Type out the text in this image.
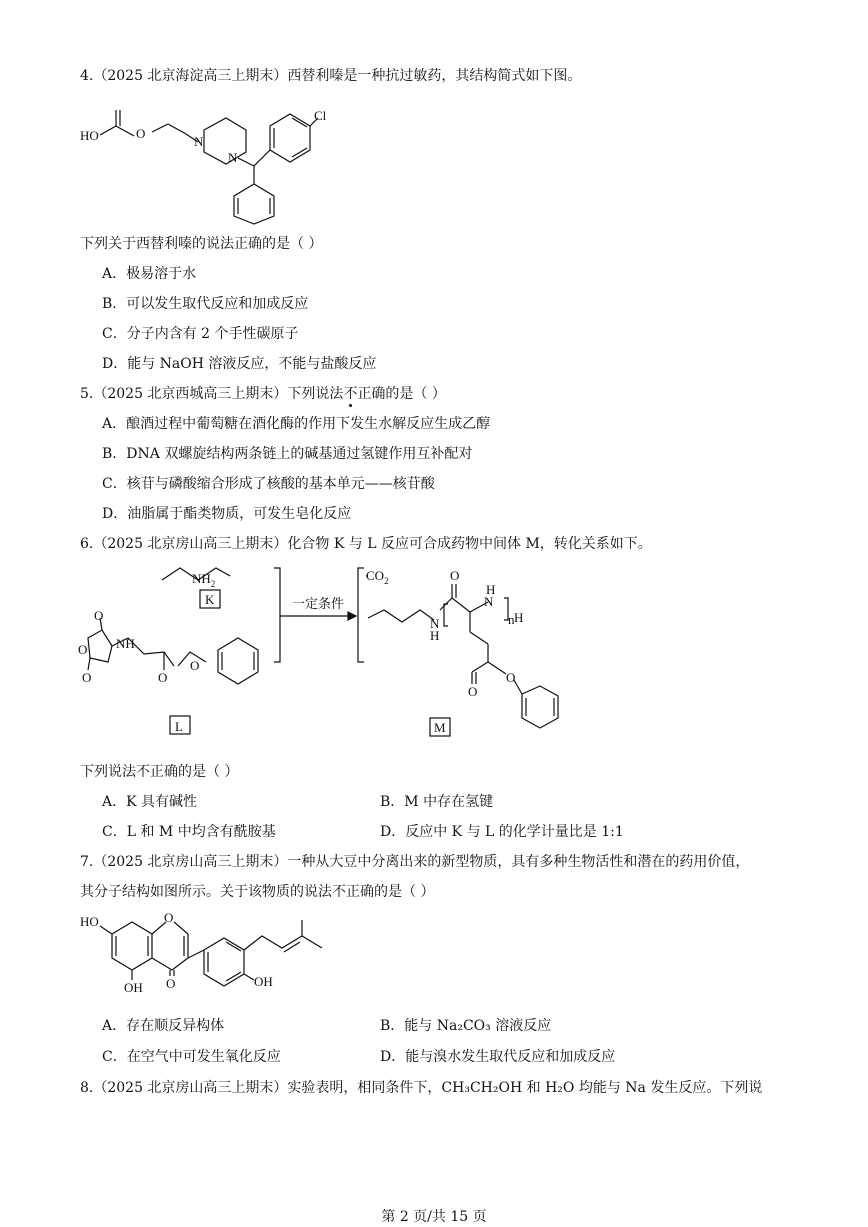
4.（2025 北京海淀高三上期末）西替利嗪是一种抗过敏药，其结构简式如下图。
HO	O
N
N
Cl
下列关于西替利嗪的说法正确的是（ ）
A．极易溶于水
B．可以发生取代反应和加成反应
C．分子内含有 2 个手性碳原子
D．能与 NaOH 溶液反应，不能与盐酸反应
5.（2025 北京西城高三上期末）下列说法不正确的是（ ）
A．酿酒过程中葡萄糖在酒化酶的作用下发生水解反应生成乙醇
B．DNA 双螺旋结构两条链上的碱基通过氢键作用互补配对
C．核苷与磷酸缩合形成了核酸的基本单元——核苷酸
D．油脂属于酯类物质，可发生皂化反应
6.（2025 北京房山高三上期末）化合物 K 与 L 反应可合成药物中间体 M，转化关系如下。
$NH_2$
K	一定条件
O
O
O
NH
O
O
L
$CO_2$
N
H
O
N
H
n H
O
O
M
下列说法不正确的是（ ）
A．K 具有碱性	B．M 中存在氢键
C．L 和 M 中均含有酰胺基	D．反应中 K 与 L 的化学计量比是 1:1
7.（2025 北京房山高三上期末）一种从大豆中分离出来的新型物质，具有多种生物活性和潜在的药用价值，
其分子结构如图所示。关于该物质的说法不正确的是（ ）
HO	O
O
OH	OH
A．存在顺反异构体	B．能与 Na₂CO₃ 溶液反应
C．在空气中可发生氧化反应	D．能与溴水发生取代反应和加成反应
8.（2025 北京房山高三上期末）实验表明，相同条件下，CH₃CH₂OH 和 H₂O 均能与 Na 发生反应。下列说
第 2 页/共 15 页
